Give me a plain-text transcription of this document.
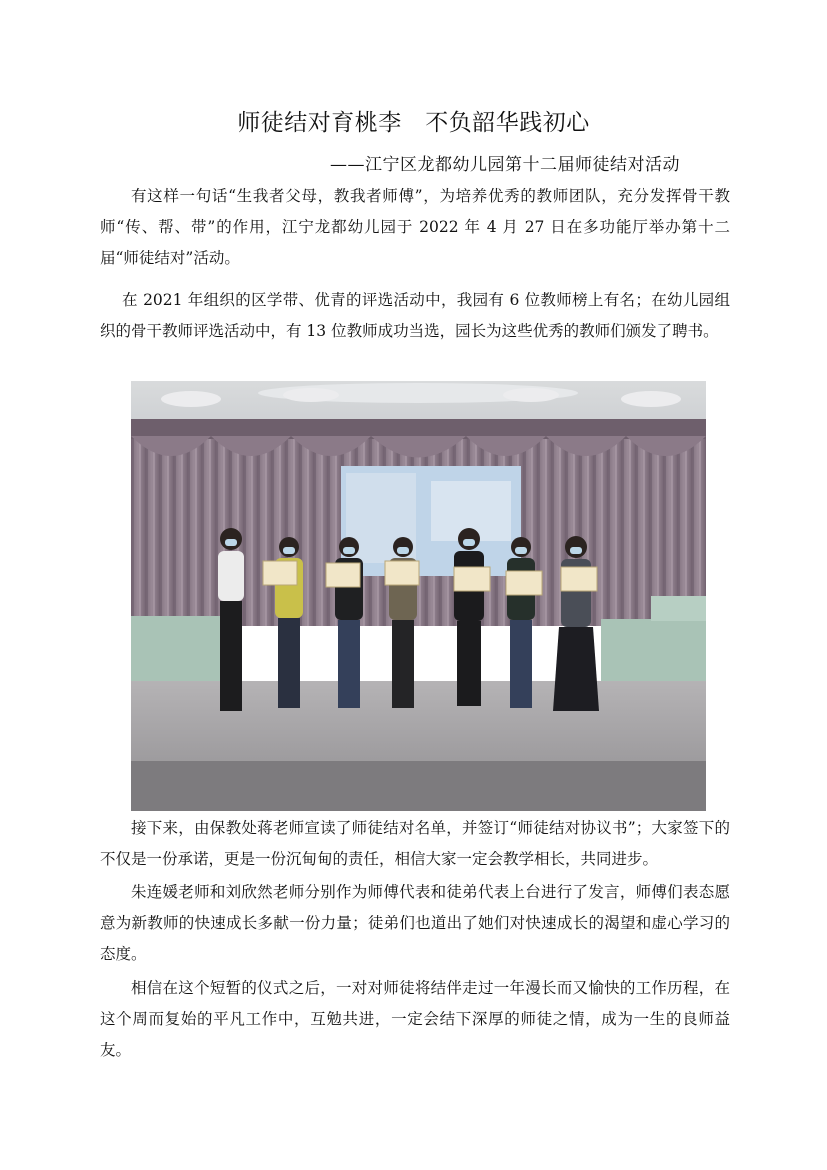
师徒结对育桃李　不负韶华践初心
——江宁区龙都幼儿园第十二届师徒结对活动

有这样一句话“生我者父母，教我者师傅”，为培养优秀的教师团队，充分发挥骨干教师“传、帮、带”的作用，江宁龙都幼儿园于 2022 年 4 月 27 日在多功能厅举办第十二届“师徒结对”活动。

在 2021 年组织的区学带、优青的评选活动中，我园有 6 位教师榜上有名；在幼儿园组织的骨干教师评选活动中，有 13 位教师成功当选，园长为这些优秀的教师们颁发了聘书。

接下来，由保教处蒋老师宣读了师徒结对名单，并签订“师徒结对协议书”；大家签下的不仅是一份承诺，更是一份沉甸甸的责任，相信大家一定会教学相长，共同进步。

朱连媛老师和刘欣然老师分别作为师傅代表和徒弟代表上台进行了发言，师傅们表态愿意为新教师的快速成长多献一份力量；徒弟们也道出了她们对快速成长的渴望和虚心学习的态度。

相信在这个短暂的仪式之后，一对对师徒将结伴走过一年漫长而又愉快的工作历程，在这个周而复始的平凡工作中，互勉共进，一定会结下深厚的师徒之情，成为一生的良师益友。
